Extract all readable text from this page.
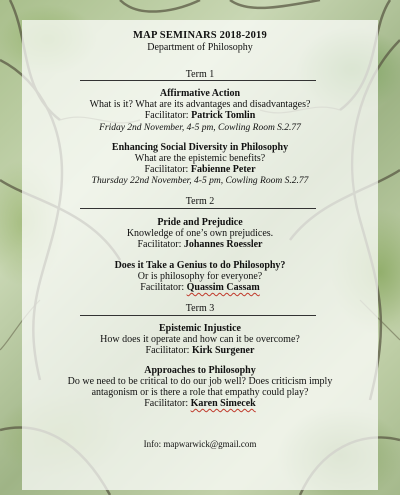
MAP SEMINARS 2018-2019
Department of Philosophy
Term 1
Affirmative Action
What is it? What are its advantages and disadvantages?
Facilitator: Patrick Tomlin
Friday 2nd November, 4-5 pm, Cowling Room S.2.77
Enhancing Social Diversity in Philosophy
What are the epistemic benefits?
Facilitator: Fabienne Peter
Thursday 22nd November, 4-5 pm, Cowling Room S.2.77
Term 2
Pride and Prejudice
Knowledge of one’s own prejudices.
Facilitator: Johannes Roessler
Does it Take a Genius to do Philosophy?
Or is philosophy for everyone?
Facilitator: Quassim Cassam
Term 3
Epistemic Injustice
How does it operate and how can it be overcome?
Facilitator: Kirk Surgener
Approaches to Philosophy
Do we need to be critical to do our job well? Does criticism imply
antagonism or is there a role that empathy could play?
Facilitator: Karen Simecek
Info: mapwarwick@gmail.com
